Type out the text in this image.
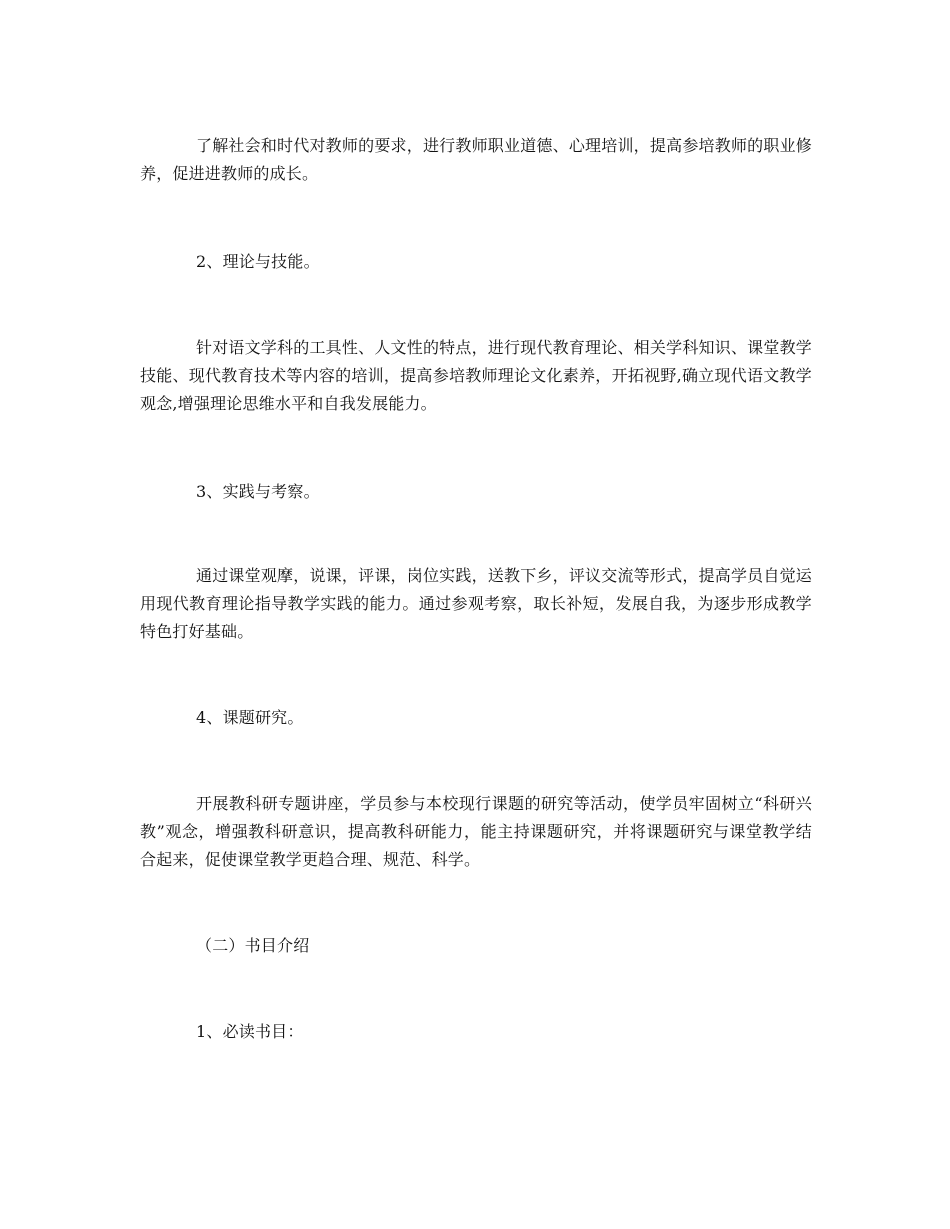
了解社会和时代对教师的要求，进行教师职业道德、心理培训，提高参培教师的职业修养，促进进教师的成长。

2、理论与技能。

针对语文学科的工具性、人文性的特点，进行现代教育理论、相关学科知识、课堂教学技能、现代教育技术等内容的培训，提高参培教师理论文化素养，开拓视野,确立现代语文教学观念,增强理论思维水平和自我发展能力。

3、实践与考察。

通过课堂观摩，说课，评课，岗位实践，送教下乡，评议交流等形式，提高学员自觉运用现代教育理论指导教学实践的能力。通过参观考察，取长补短，发展自我，为逐步形成教学特色打好基础。

4、课题研究。

开展教科研专题讲座，学员参与本校现行课题的研究等活动，使学员牢固树立“科研兴教”观念，增强教科研意识，提高教科研能力，能主持课题研究，并将课题研究与课堂教学结合起来，促使课堂教学更趋合理、规范、科学。

（二）书目介绍

1、必读书目：
